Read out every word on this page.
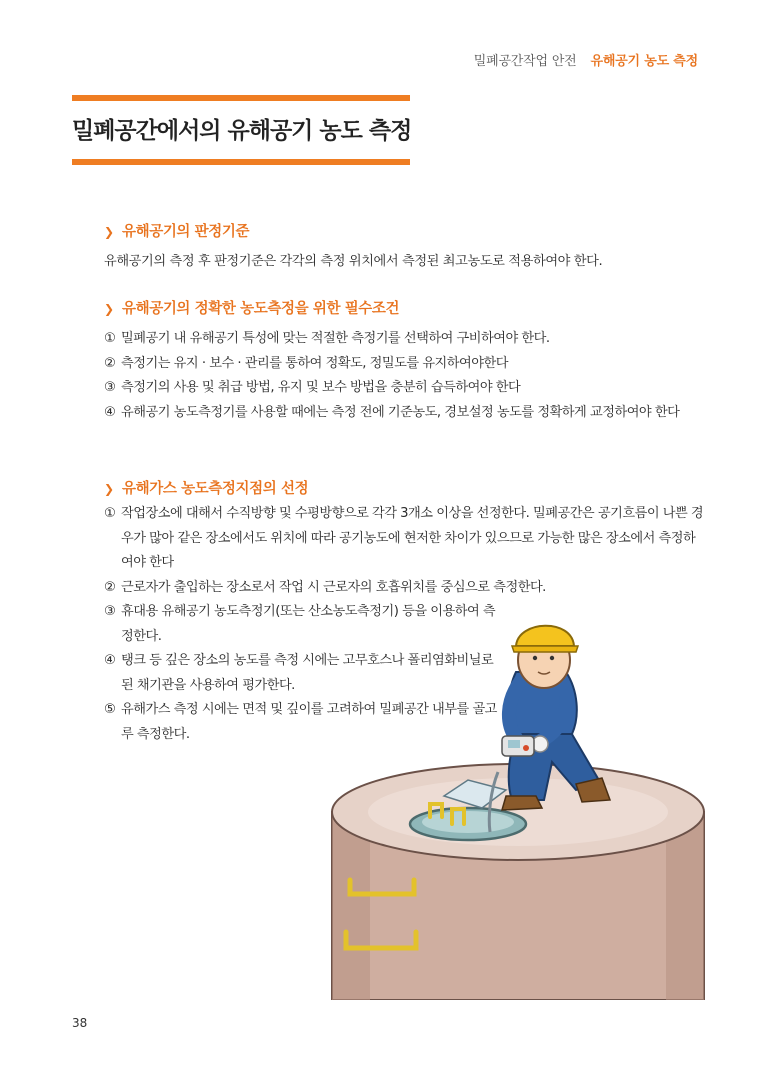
밀폐공간작업 안전 유해공기 농도 측정
밀폐공간에서의 유해공기 농도 측정
❯ 유해공기의 판정기준
유해공기의 측정 후 판정기준은 각각의 측정 위치에서 측정된 최고농도로 적용하여야 한다.
❯ 유해공기의 정확한 농도측정을 위한 필수조건
① 밀폐공기 내 유해공기 특성에 맞는 적절한 측정기를 선택하여 구비하여야 한다.
② 측정기는 유지 · 보수 · 관리를 통하여 정확도, 정밀도를 유지하여야한다
③ 측정기의 사용 및 취급 방법, 유지 및 보수 방법을 충분히 습득하여야 한다
④ 유해공기 농도측정기를 사용할 때에는 측정 전에 기준농도, 경보설정 농도를 정확하게 교정하여야 한다
❯ 유해가스 농도측정지점의 선정
① 작업장소에 대해서 수직방향 및 수평방향으로 각각 3개소 이상을 선정한다. 밀폐공간은 공기흐름이 나쁜 경우가 많아 같은 장소에서도 위치에 따라 공기농도에 현저한 차이가 있으므로 가능한 많은 장소에서 측정하여야 한다
② 근로자가 출입하는 장소로서 작업 시 근로자의 호흡위치를 중심으로 측정한다.
③ 휴대용 유해공기 농도측정기(또는 산소농도측정기) 등을 이용하여 측정한다.
④ 탱크 등 깊은 장소의 농도를 측정 시에는 고무호스나 폴리염화비닐로 된 채기관을 사용하여 평가한다.
⑤ 유해가스 측정 시에는 면적 및 깊이를 고려하여 밀폐공간 내부를 골고루 측정한다.
38
